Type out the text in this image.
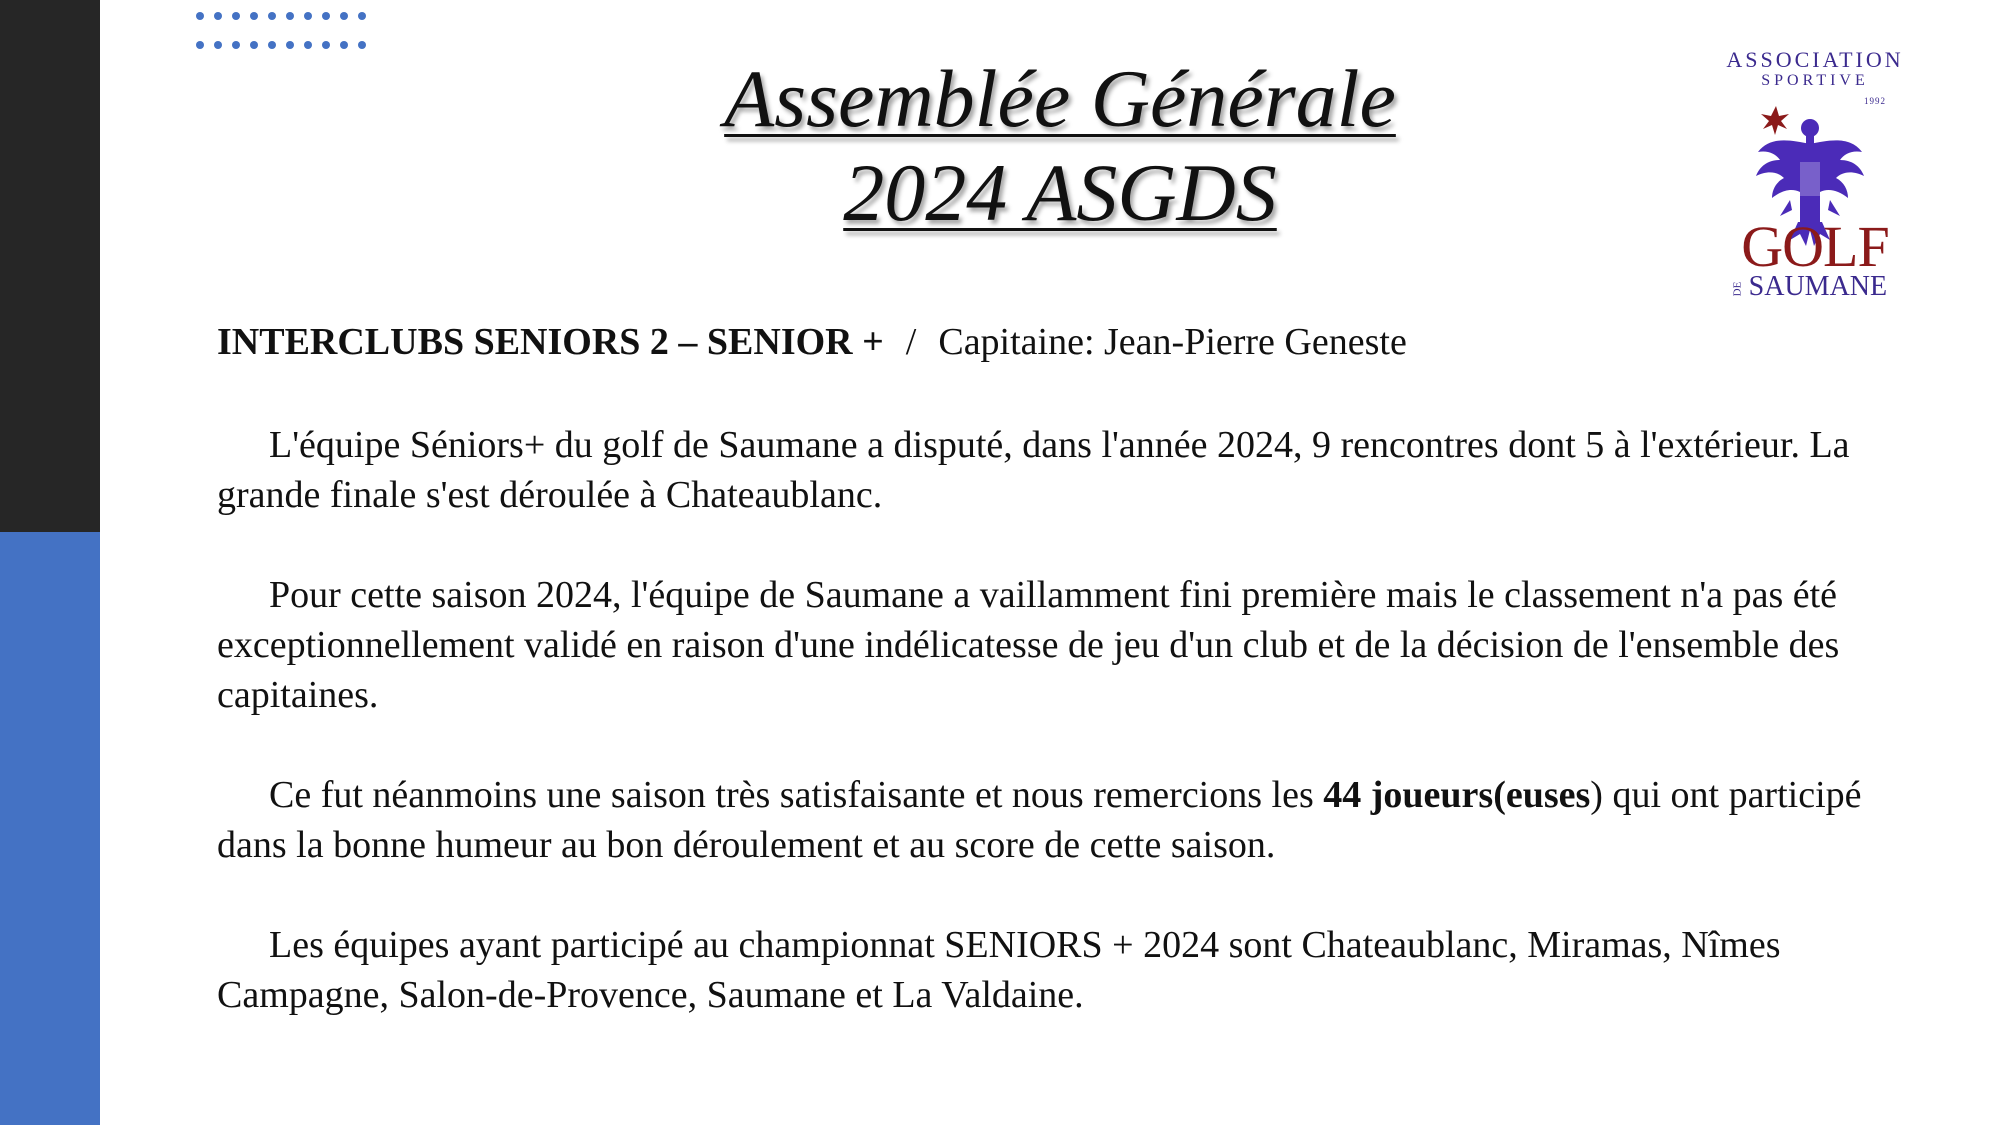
Assemblée Générale
2024 ASGDS
ASSOCIATION
SPORTIVE
1992
GOLF
DE SAUMANE
INTERCLUBS SENIORS 2 – SENIOR + / Capitaine: Jean-Pierre Geneste
L'équipe Séniors+ du golf de Saumane a disputé, dans l'année 2024, 9 rencontres dont 5 à l'extérieur. La grande finale s'est déroulée à Chateaublanc.
Pour cette saison 2024, l'équipe de Saumane a vaillamment fini première mais le classement n'a pas été exceptionnellement validé en raison d'une indélicatesse de jeu d'un club et de la décision de l'ensemble des capitaines.
Ce fut néanmoins une saison très satisfaisante et nous remercions les 44 joueurs(euses) qui ont participé dans la bonne humeur au bon déroulement et au score de cette saison.
Les équipes ayant participé au championnat SENIORS + 2024 sont Chateaublanc, Miramas, Nîmes Campagne, Salon-de-Provence, Saumane et La Valdaine.
